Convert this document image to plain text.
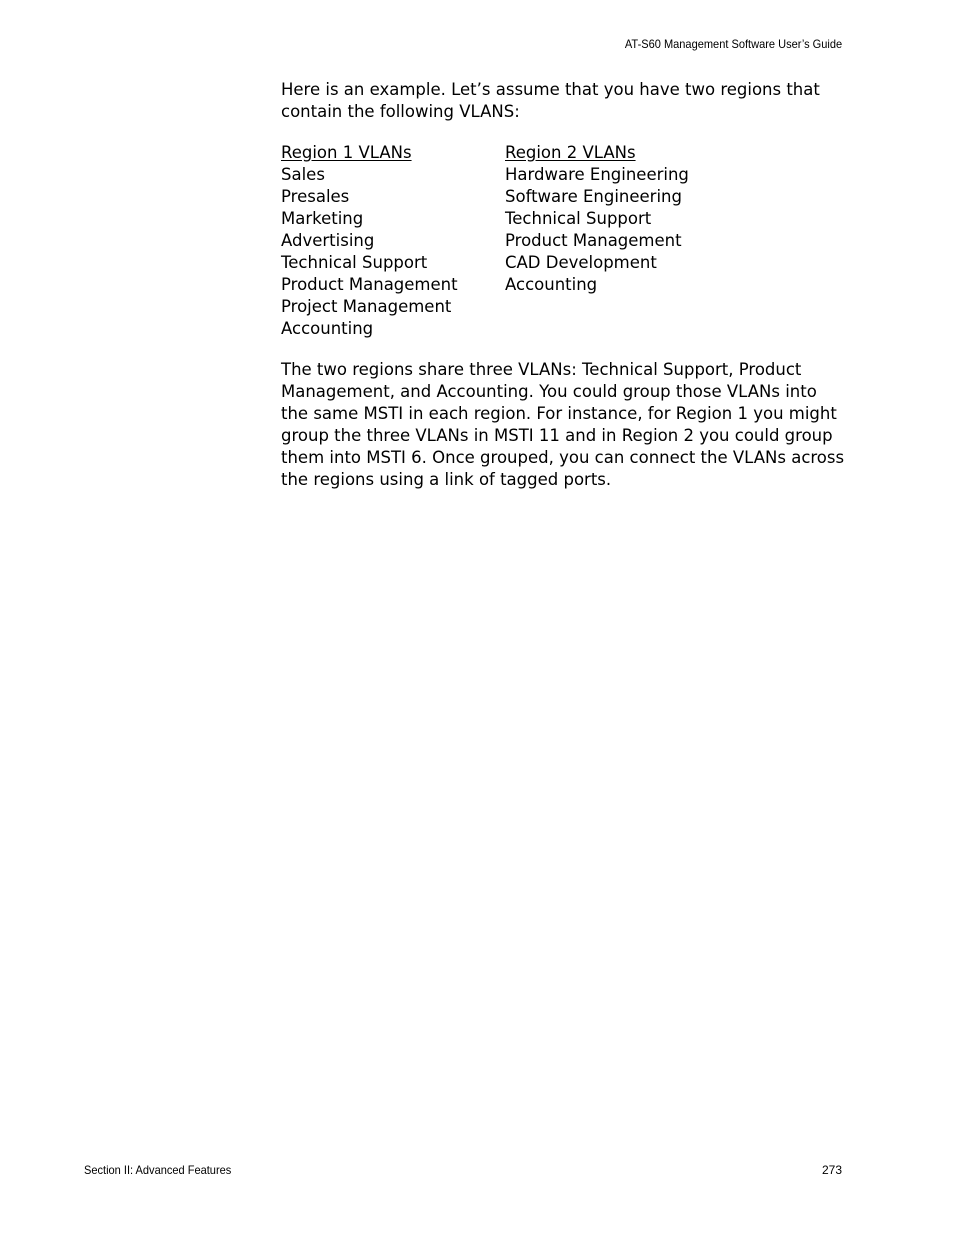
AT-S60 Management Software User’s Guide

Here is an example. Let’s assume that you have two regions that contain the following VLANS:

Region 1 VLANs
Sales
Presales
Marketing
Advertising
Technical Support
Product Management
Project Management
Accounting
Region 2 VLANs
Hardware Engineering
Software Engineering
Technical Support
Product Management
CAD Development
Accounting

The two regions share three VLANs: Technical Support, Product Management, and Accounting. You could group those VLANs into the same MSTI in each region. For instance, for Region 1 you might group the three VLANs in MSTI 11 and in Region 2 you could group them into MSTI 6. Once grouped, you can connect the VLANs across the regions using a link of tagged ports.

Section II: Advanced Features	273
